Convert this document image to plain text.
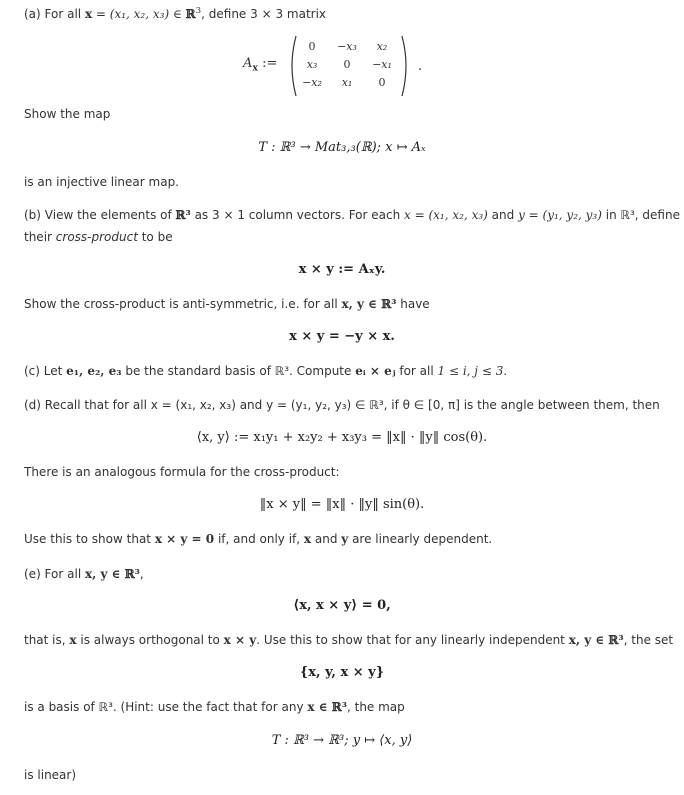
(a) For all x = (x₁, x₂, x₃) ∈ ℝ$^3$, define 3 × 3 matrix
$A_x$ :=
0	−x₃	x₂
x₃	0	−x₁
−x₂	x₁	0
.
Show the map
T : ℝ³ → Mat₃,₃(ℝ); x ↦ Aₓ
is an injective linear map.
(b) View the elements of ℝ³ as 3 × 1 column vectors. For each x = (x₁, x₂, x₃) and y = (y₁, y₂, y₃) in ℝ³, define
their cross-product to be
x × y := Aₓy.
Show the cross-product is anti-symmetric, i.e. for all x, y ∈ ℝ³ have
x × y = −y × x.
(c) Let e₁, e₂, e₃ be the standard basis of ℝ³. Compute eᵢ × eⱼ for all 1 ≤ i, j ≤ 3.
(d) Recall that for all x = (x₁, x₂, x₃) and y = (y₁, y₂, y₃) ∈ ℝ³, if θ ∈ [0, π] is the angle between them, then
⟨x, y⟩ := x₁y₁ + x₂y₂ + x₃y₃ = ‖x‖ · ‖y‖ cos(θ).
There is an analogous formula for the cross-product:
‖x × y‖ = ‖x‖ · ‖y‖ sin(θ).
Use this to show that x × y = 0 if, and only if, x and y are linearly dependent.
(e) For all x, y ∈ ℝ³,
⟨x, x × y⟩ = 0,
that is, x is always orthogonal to x × y. Use this to show that for any linearly independent x, y ∈ ℝ³, the set
{x, y, x × y}
is a basis of ℝ³. (Hint: use the fact that for any x ∈ ℝ³, the map
T : ℝ³ → ℝ³; y ↦ ⟨x, y⟩
is linear)
